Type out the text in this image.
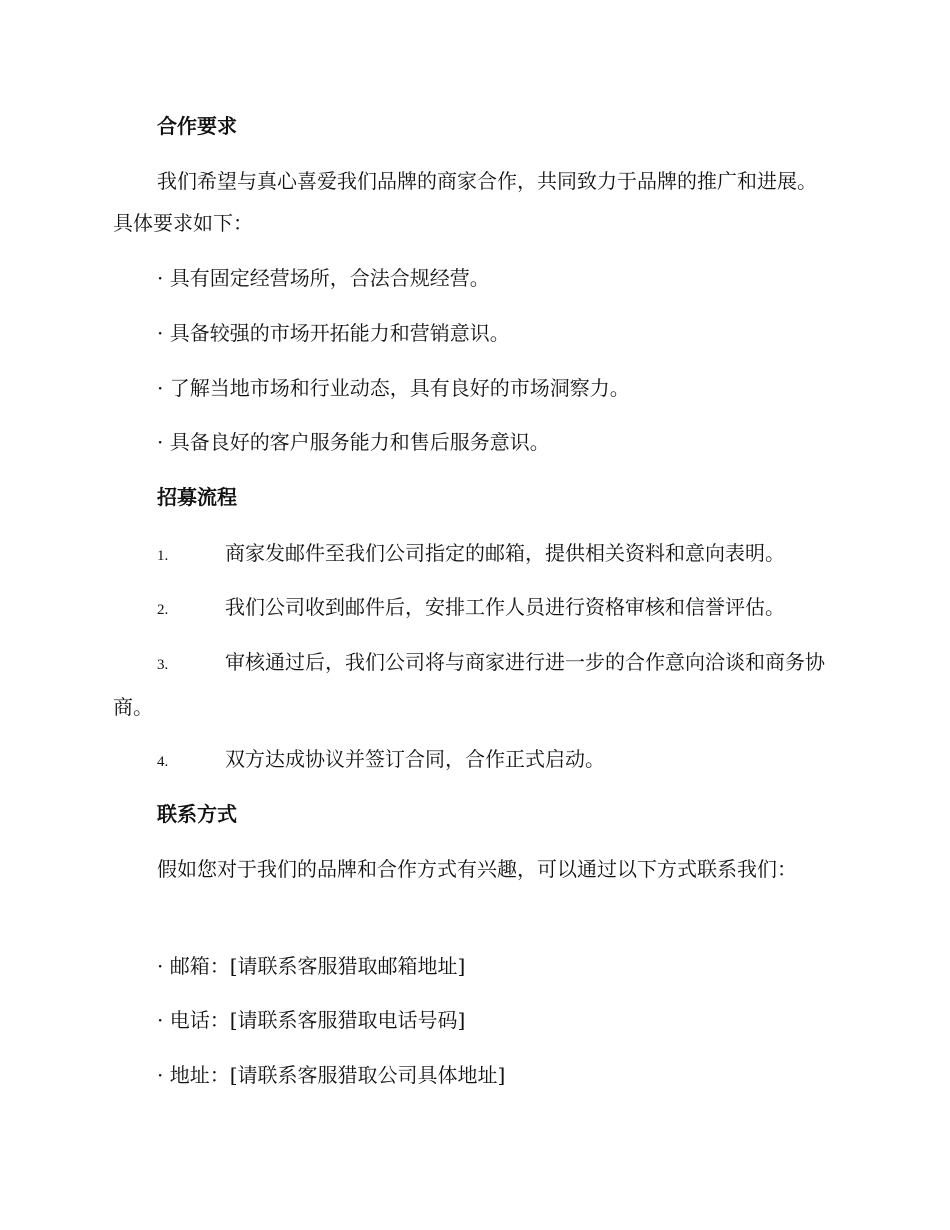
合作要求
我们希望与真心喜爱我们品牌的商家合作，共同致力于品牌的推广和进展。具体要求如下：
· 具有固定经营场所，合法合规经营。
· 具备较强的市场开拓能力和营销意识。
· 了解当地市场和行业动态，具有良好的市场洞察力。
· 具备良好的客户服务能力和售后服务意识。
招募流程
1.	商家发邮件至我们公司指定的邮箱，提供相关资料和意向表明。
2.	我们公司收到邮件后，安排工作人员进行资格审核和信誉评估。
3.	审核通过后，我们公司将与商家进行进一步的合作意向洽谈和商务协商。
4.	双方达成协议并签订合同，合作正式启动。
联系方式
假如您对于我们的品牌和合作方式有兴趣，可以通过以下方式联系我们：
· 邮箱：[请联系客服猎取邮箱地址]
· 电话：[请联系客服猎取电话号码]
· 地址：[请联系客服猎取公司具体地址]
